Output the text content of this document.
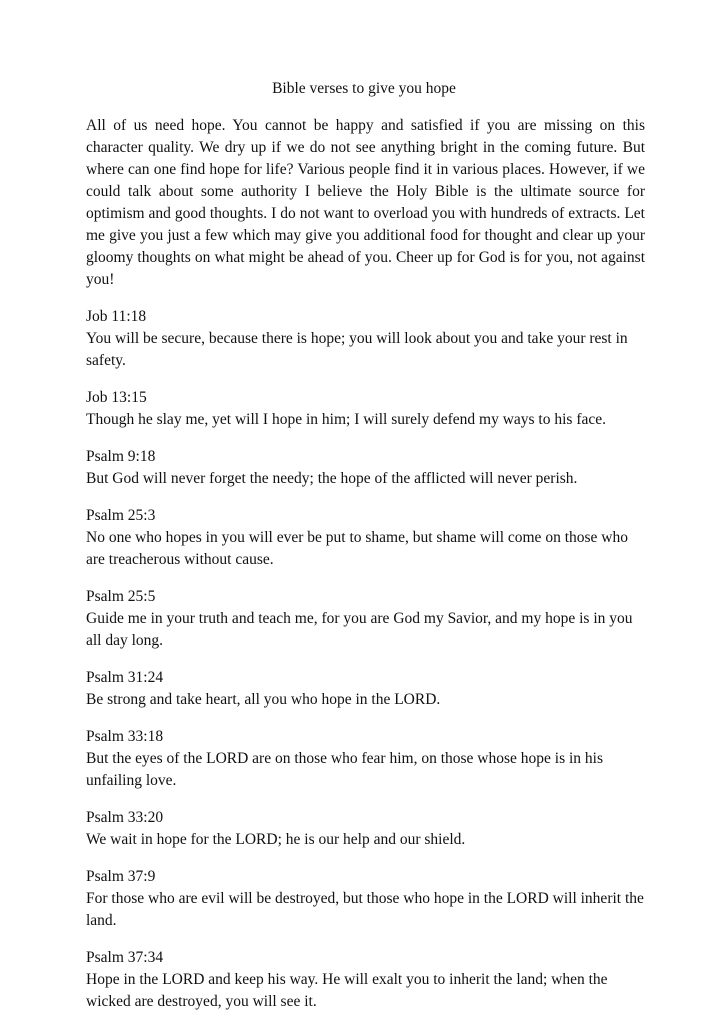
Bible verses to give you hope

All of us need hope. You cannot be happy and satisfied if you are missing on this character quality. We dry up if we do not see anything bright in the coming future. But where can one find hope for life? Various people find it in various places. However, if we could talk about some authority I believe the Holy Bible is the ultimate source for optimism and good thoughts. I do not want to overload you with hundreds of extracts. Let me give you just a few which may give you additional food for thought and clear up your gloomy thoughts on what might be ahead of you. Cheer up for God is for you, not against you!

Job 11:18

You will be secure, because there is hope; you will look about you and take your rest in safety.

Job 13:15

Though he slay me, yet will I hope in him; I will surely defend my ways to his face.

Psalm 9:18

But God will never forget the needy; the hope of the afflicted will never perish.

Psalm 25:3

No one who hopes in you will ever be put to shame, but shame will come on those who are treacherous without cause.

Psalm 25:5

Guide me in your truth and teach me, for you are God my Savior, and my hope is in you all day long.

Psalm 31:24

Be strong and take heart, all you who hope in the LORD.

Psalm 33:18

But the eyes of the LORD are on those who fear him, on those whose hope is in his unfailing love.

Psalm 33:20

We wait in hope for the LORD; he is our help and our shield.

Psalm 37:9

For those who are evil will be destroyed, but those who hope in the LORD will inherit the land.

Psalm 37:34

Hope in the LORD and keep his way. He will exalt you to inherit the land; when the wicked are destroyed, you will see it.
